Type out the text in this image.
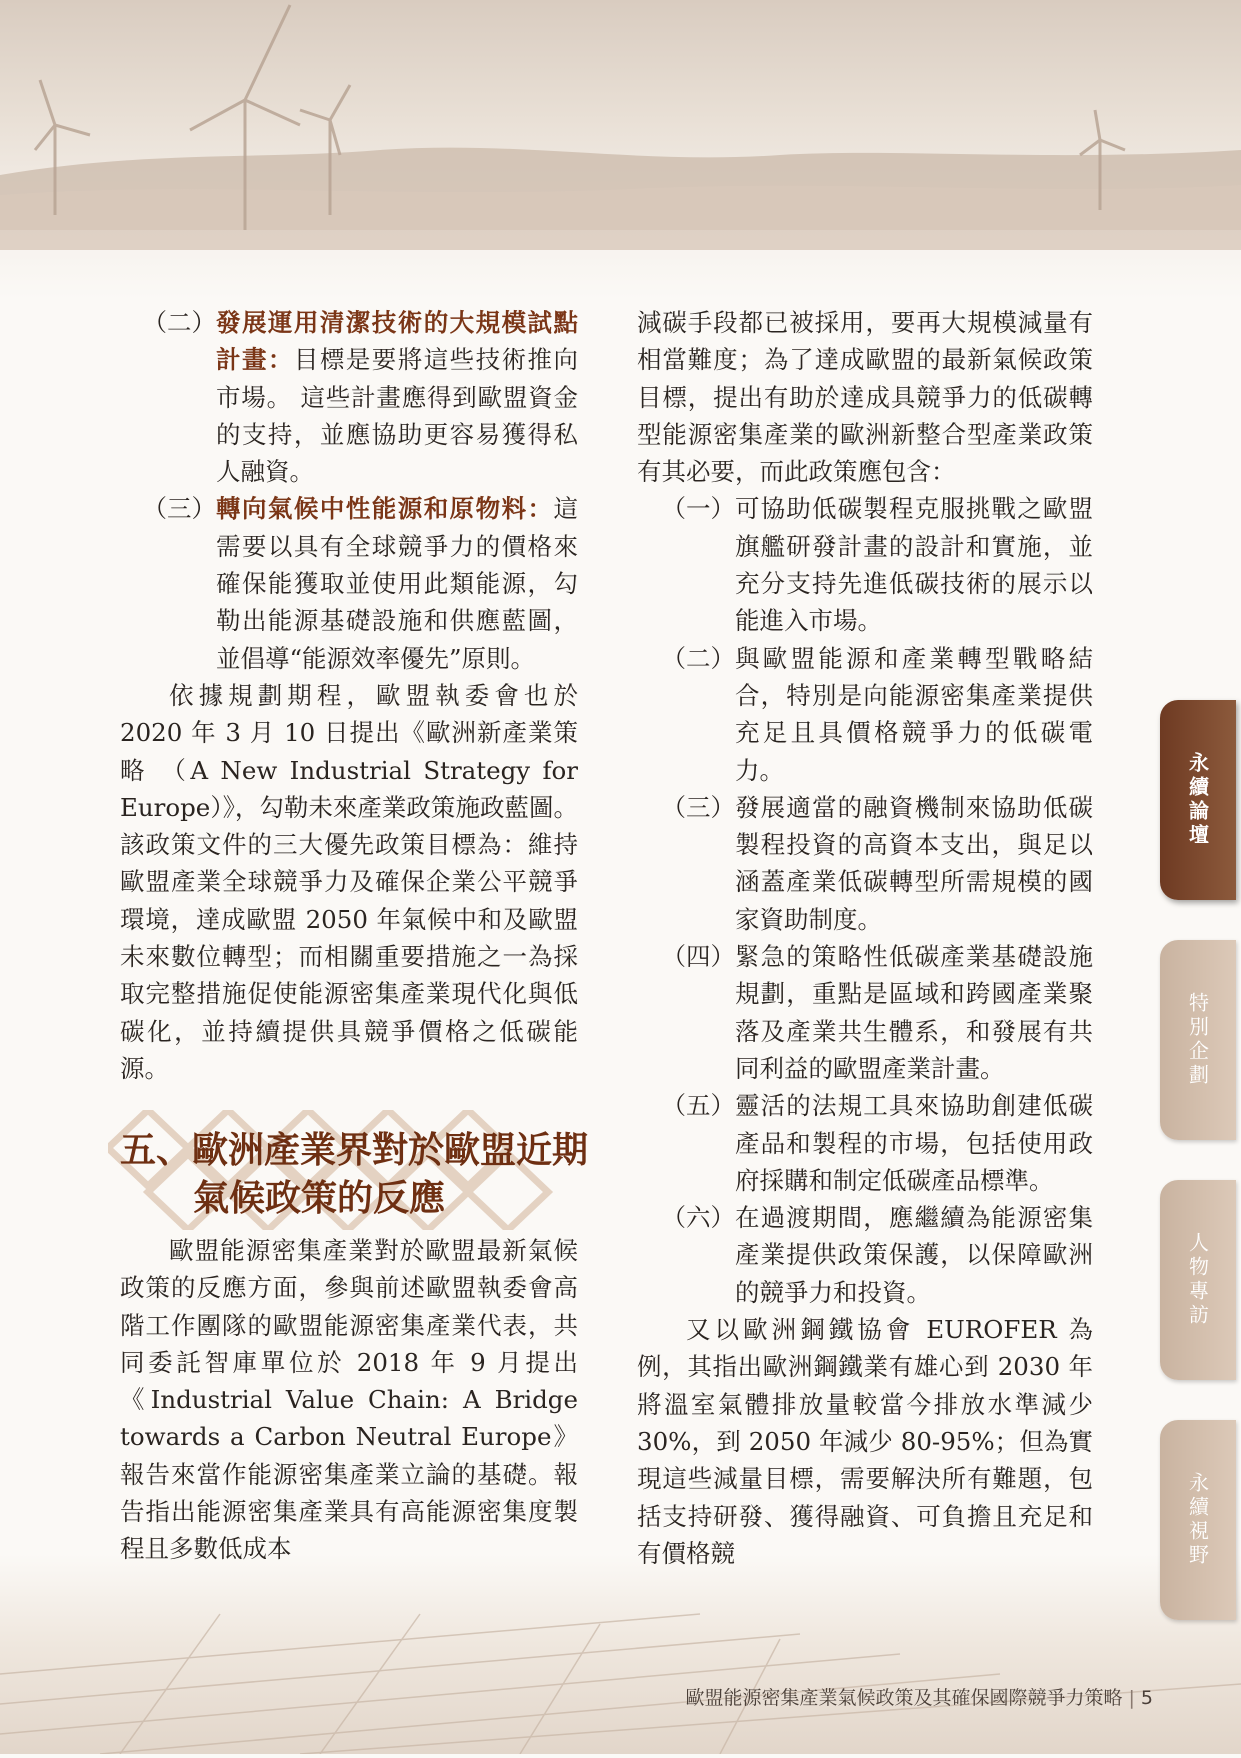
（二） 發展運用清潔技術的大規模試點計畫：目標是要將這些技術推向市場。 這些計畫應得到歐盟資金的支持，並應協助更容易獲得私人融資。
（三） 轉向氣候中性能源和原物料：這需要以具有全球競爭力的價格來確保能獲取並使用此類能源，勾勒出能源基礎設施和供應藍圖，並倡導“能源效率優先”原則。

依據規劃期程，歐盟執委會也於 2020 年 3 月 10 日提出《歐洲新產業策略 （A New Industrial Strategy for Europe）》，勾勒未來產業政策施政藍圖。該政策文件的三大優先政策目標為：維持歐盟產業全球競爭力及確保企業公平競爭環境，達成歐盟 2050 年氣候中和及歐盟未來數位轉型；而相關重要措施之一為採取完整措施促使能源密集產業現代化與低碳化，並持續提供具競爭價格之低碳能源。

五、歐洲產業界對於歐盟近期
氣候政策的反應

歐盟能源密集產業對於歐盟最新氣候政策的反應方面，參與前述歐盟執委會高階工作團隊的歐盟能源密集產業代表，共同委託智庫單位於 2018 年 9 月提出《Industrial Value Chain: A Bridge towards a Carbon Neutral Europe》報告來當作能源密集產業立論的基礎。報告指出能源密集產業具有高能源密集度製程且多數低成本

減碳手段都已被採用，要再大規模減量有相當難度；為了達成歐盟的最新氣候政策目標，提出有助於達成具競爭力的低碳轉型能源密集產業的歐洲新整合型產業政策有其必要，而此政策應包含：

（一） 可協助低碳製程克服挑戰之歐盟旗艦研發計畫的設計和實施，並充分支持先進低碳技術的展示以能進入市場。
（二） 與歐盟能源和產業轉型戰略結合，特別是向能源密集產業提供充足且具價格競爭力的低碳電力。
（三） 發展適當的融資機制來協助低碳製程投資的高資本支出，與足以涵蓋產業低碳轉型所需規模的國家資助制度。
（四） 緊急的策略性低碳產業基礎設施規劃，重點是區域和跨國產業聚落及產業共生體系，和發展有共同利益的歐盟產業計畫。
（五） 靈活的法規工具來協助創建低碳產品和製程的市場，包括使用政府採購和制定低碳產品標準。
（六） 在過渡期間，應繼續為能源密集產業提供政策保護，以保障歐洲的競爭力和投資。

又以歐洲鋼鐵協會 EUROFER 為例，其指出歐洲鋼鐵業有雄心到 2030 年將溫室氣體排放量較當今排放水準減少 30%，到 2050 年減少 80-95%；但為實現這些減量目標，需要解決所有難題，包括支持研發、獲得融資、可負擔且充足和有價格競

永續論壇
特別企劃
人物專訪
永續視野
歐盟能源密集產業氣候政策及其確保國際競爭力策略 | 5
